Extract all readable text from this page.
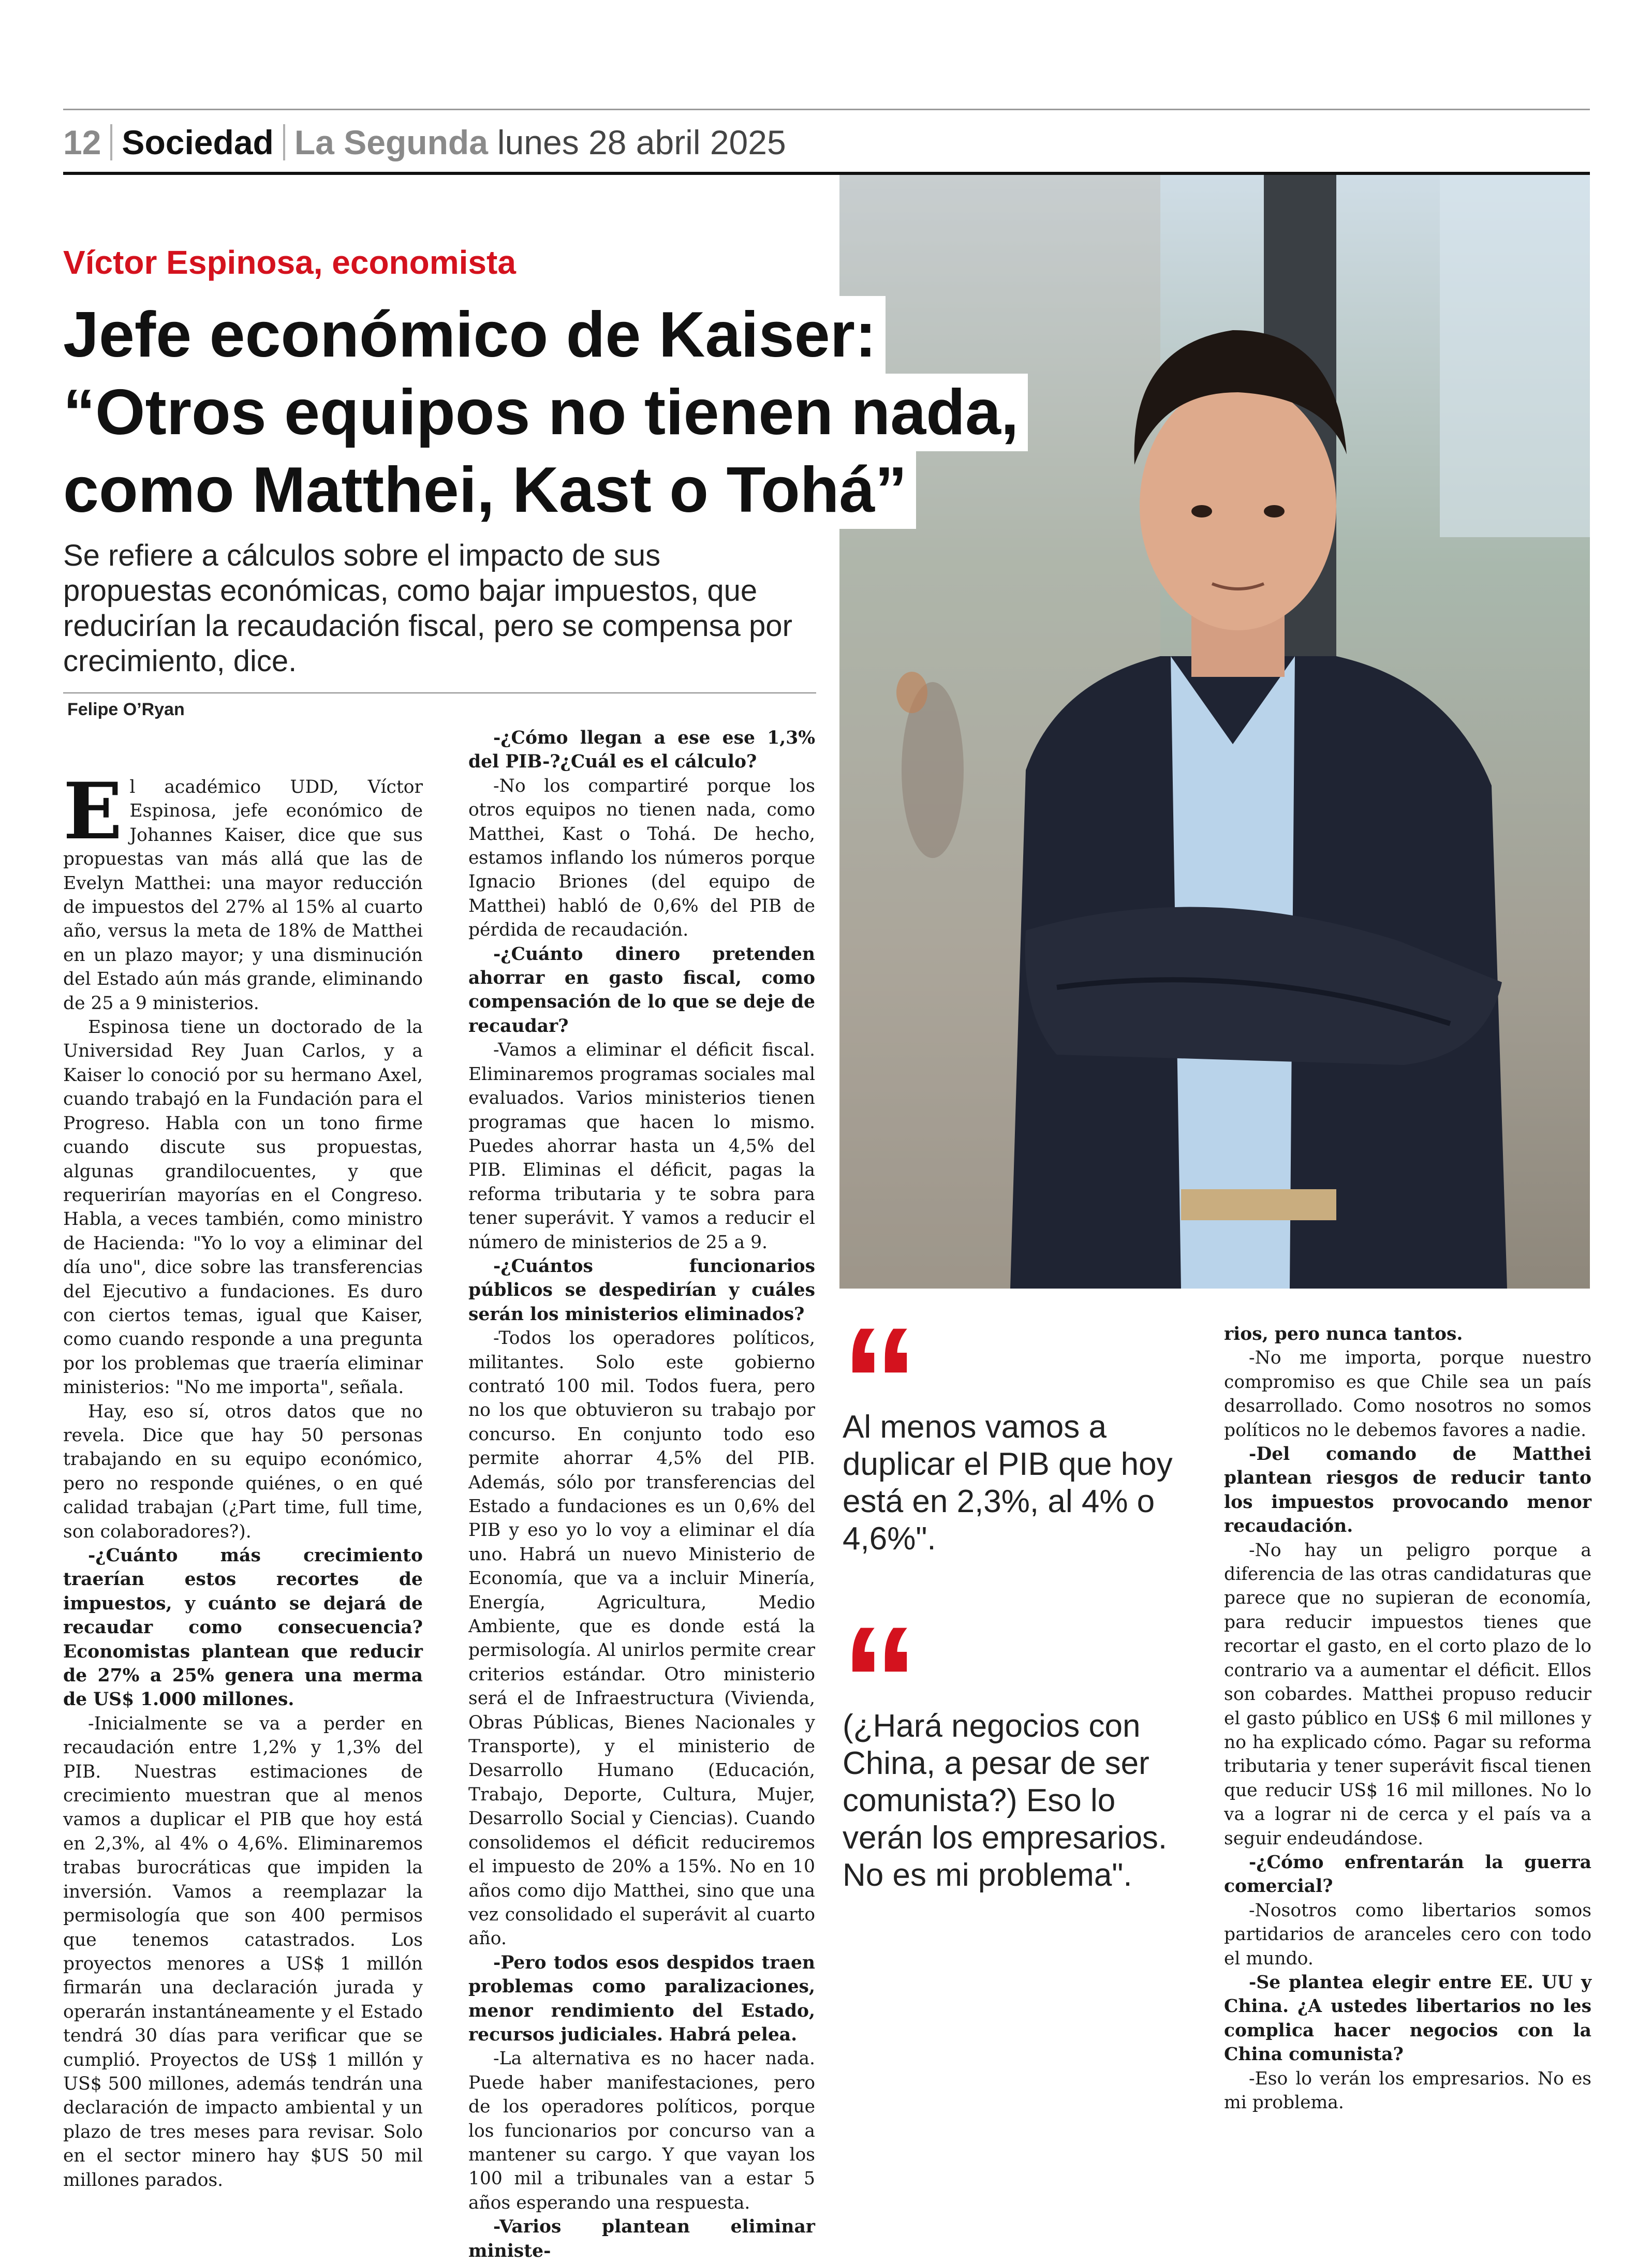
12 Sociedad La Segunda lunes 28 abril 2025
Víctor Espinosa, economista
Jefe económico de Kaiser:
“Otros equipos no tienen nada,
como Matthei, Kast o Tohá”
Se refiere a cálculos sobre el impacto de sus propuestas económicas, como bajar impuestos, que reducirían la recaudación fiscal, pero se compensa por crecimiento, dice.
Felipe O’Ryan
E l académico UDD, Víctor Espinosa, jefe económico de Johannes Kaiser, dice que sus propuestas van más allá que las de Evelyn Matthei: una mayor reducción de impuestos del 27% al 15% al cuarto año, versus la meta de 18% de Matthei en un plazo mayor; y una disminución del Estado aún más grande, eliminando de 25 a 9 ministerios.

Espinosa tiene un doctorado de la Universidad Rey Juan Carlos, y a Kaiser lo conoció por su hermano Axel, cuando trabajó en la Fundación para el Progreso. Habla con un tono firme cuando discute sus propuestas, algunas grandilocuentes, y que requerirían mayorías en el Congreso. Habla, a veces también, como ministro de Hacienda: "Yo lo voy a eliminar del día uno", dice sobre las transferencias del Ejecutivo a fundaciones. Es duro con ciertos temas, igual que Kaiser, como cuando responde a una pregunta por los problemas que traería eliminar ministerios: "No me importa", señala.

Hay, eso sí, otros datos que no revela. Dice que hay 50 personas trabajando en su equipo económico, pero no responde quiénes, o en qué calidad trabajan (¿Part time, full time, son colaboradores?).

-¿Cuánto más crecimiento traerían estos recortes de impuestos, y cuánto se dejará de recaudar como consecuencia? Economistas plantean que reducir de 27% a 25% genera una merma de US$ 1.000 millones.

-Inicialmente se va a perder en recaudación entre 1,2% y 1,3% del PIB. Nuestras estimaciones de crecimiento muestran que al menos vamos a duplicar el PIB que hoy está en 2,3%, al 4% o 4,6%. Eliminaremos trabas burocráticas que impiden la inversión. Vamos a reemplazar la permisología que son 400 permisos que tenemos catastrados. Los proyectos menores a US$ 1 millón firmarán una declaración jurada y operarán instantáneamente y el Estado tendrá 30 días para verificar que se cumplió. Proyectos de US$ 1 millón y US$ 500 millones, además tendrán una declaración de impacto ambiental y un plazo de tres meses para revisar. Solo en el sector minero hay $US 50 mil millones parados.

-¿Cómo llegan a ese ese 1,3% del PIB-?¿Cuál es el cálculo?

-No los compartiré porque los otros equipos no tienen nada, como Matthei, Kast o Tohá. De hecho, estamos inflando los números porque Ignacio Briones (del equipo de Matthei) habló de 0,6% del PIB de pérdida de recaudación.

-¿Cuánto dinero pretenden ahorrar en gasto fiscal, como compensación de lo que se deje de recaudar?

-Vamos a eliminar el déficit fiscal. Eliminaremos programas sociales mal evaluados. Varios ministerios tienen programas que hacen lo mismo. Puedes ahorrar hasta un 4,5% del PIB. Eliminas el déficit, pagas la reforma tributaria y te sobra para tener superávit. Y vamos a reducir el número de ministerios de 25 a 9.

-¿Cuántos funcionarios públicos se despedirían y cuáles serán los ministerios eliminados?

-Todos los operadores políticos, militantes. Solo este gobierno contrató 100 mil. Todos fuera, pero no los que obtuvieron su trabajo por concurso. En conjunto todo eso permite ahorrar 4,5% del PIB. Además, sólo por transferencias del Estado a fundaciones es un 0,6% del PIB y eso yo lo voy a eliminar el día uno. Habrá un nuevo Ministerio de Economía, que va a incluir Minería, Energía, Agricultura, Medio Ambiente, que es donde está la permisología. Al unirlos permite crear criterios estándar. Otro ministerio será el de Infraestructura (Vivienda, Obras Públicas, Bienes Nacionales y Transporte), y el ministerio de Desarrollo Humano (Educación, Trabajo, Deporte, Cultura, Mujer, Desarrollo Social y Ciencias). Cuando consolidemos el déficit reduciremos el impuesto de 20% a 15%. No en 10 años como dijo Matthei, sino que una vez consolidado el superávit al cuarto año.

-Pero todos esos despidos traen problemas como paralizaciones, menor rendimiento del Estado, recursos judiciales. Habrá pelea.

-La alternativa es no hacer nada. Puede haber manifestaciones, pero de los operadores políticos, porque los funcionarios por concurso van a mantener su cargo. Y que vayan los 100 mil a tribunales van a estar 5 años esperando una respuesta.

-Varios plantean eliminar ministe-

rios, pero nunca tantos.

-No me importa, porque nuestro compromiso es que Chile sea un país desarrollado. Como nosotros no somos políticos no le debemos favores a nadie.

-Del comando de Matthei plantean riesgos de reducir tanto los impuestos provocando menor recaudación.

-No hay un peligro porque a diferencia de las otras candidaturas que parece que no supieran de economía, para reducir impuestos tienes que recortar el gasto, en el corto plazo de lo contrario va a aumentar el déficit. Ellos son cobardes. Matthei propuso reducir el gasto público en US$ 6 mil millones y no ha explicado cómo. Pagar su reforma tributaria y tener superávit fiscal tienen que reducir US$ 16 mil millones. No lo va a lograr ni de cerca y el país va a seguir endeudándose.

-¿Cómo enfrentarán la guerra comercial?

-Nosotros como libertarios somos partidarios de aranceles cero con todo el mundo.

-Se plantea elegir entre EE. UU y China. ¿A ustedes libertarios no les complica hacer negocios con la China comunista?

-Eso lo verán los empresarios. No es mi problema.

“
Al menos vamos a duplicar el PIB que hoy está en 2,3%, al 4% o 4,6%".
“
(¿Hará negocios con China, a pesar de ser comunista?) Eso lo verán los empresarios. No es mi problema".
